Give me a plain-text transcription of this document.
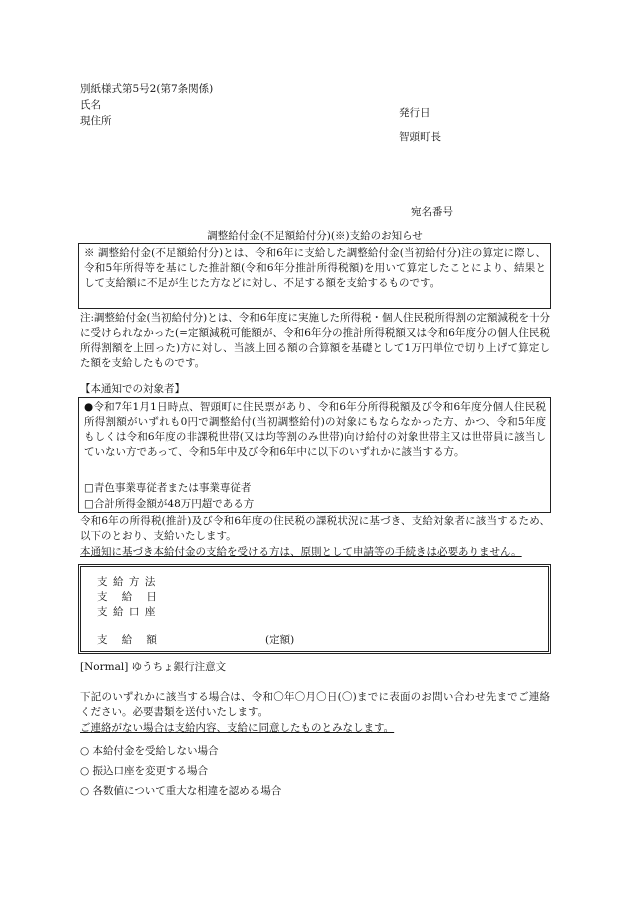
別紙様式第5号2(第7条関係)
氏名
現住所
発行日
智頭町長
宛名番号
調整給付金(不足額給付分)(※)支給のお知らせ
※ 調整給付金(不足額給付分)とは、令和6年に支給した調整給付金(当初給付分)注の算定に際し、令和5年所得等を基にした推計額(令和6年分推計所得税額)を用いて算定したことにより、結果として支給額に不足が生じた方などに対し、不足する額を支給するものです。
注:調整給付金(当初給付分)とは、令和6年度に実施した所得税・個人住民税所得割の定額減税を十分に受けられなかった(=定額減税可能額が、令和6年分の推計所得税額又は令和6年度分の個人住民税所得割額を上回った)方に対し、当該上回る額の合算額を基礎として1万円単位で切り上げて算定した額を支給したものです。
【本通知での対象者】
●令和7年1月1日時点、智頭町に住民票があり、令和6年分所得税額及び令和6年度分個人住民税所得割額がいずれも0円で調整給付(当初調整給付)の対象にもならなかった方、かつ、令和5年度もしくは令和6年度の非課税世帯(又は均等割のみ世帯)向け給付の対象世帯主又は世帯員に該当していない方であって、令和5年中及び令和6年中に以下のいずれかに該当する方。
□青色事業専従者または事業専従者
□合計所得金額が48万円超である方
令和6年の所得税(推計)及び令和6年度の住民税の課税状況に基づき、支給対象者に該当するため、以下のとおり、支給いたします。
本通知に基づき本給付金の支給を受ける方は、原則として申請等の手続きは必要ありません。
支 給 方 法
支   給   日
支 給 口 座
支   給   額	(定額)
[Normal] ゆうちょ銀行注意文
下記のいずれかに該当する場合は、令和〇年〇月〇日(〇)までに表面のお問い合わせ先までご連絡ください。必要書類を送付いたします。
ご連絡がない場合は支給内容、支給に同意したものとみなします。
○ 本給付金を受給しない場合
○ 振込口座を変更する場合
○ 各数値について重大な相違を認める場合
